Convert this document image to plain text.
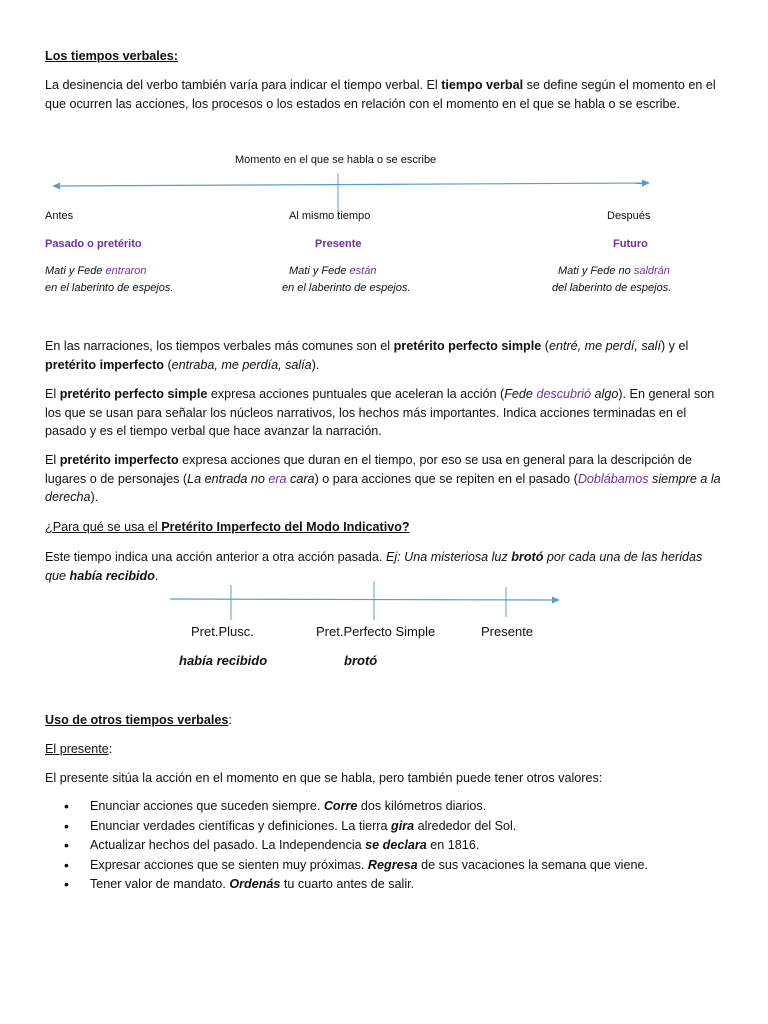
Los tiempos verbales:
La desinencia del verbo también varía para indicar el tiempo verbal. El tiempo verbal se define según el momento en el que ocurren las acciones, los procesos o los estados en relación con el momento en el que se habla o se escribe.
Momento en el que se habla o se escribe
Antes
Pasado o pretérito
Mati y Fede entraron
en el laberinto de espejos.
Al mismo tiempo
Presente
Mati y Fede están
en el laberinto de espejos.
Después
Futuro
Mati y Fede no saldrán
del laberinto de espejos.
En las narraciones, los tiempos verbales más comunes son el pretérito perfecto simple (entré, me perdí, salí) y el pretérito imperfecto (entraba, me perdía, salía).
El pretérito perfecto simple expresa acciones puntuales que aceleran la acción (Fede descubrió algo). En general son los que se usan para señalar los núcleos narrativos, los hechos más importantes. Indica acciones terminadas en el pasado y es el tiempo verbal que hace avanzar la narración.
El pretérito imperfecto expresa acciones que duran en el tiempo, por eso se usa en general para la descripción de lugares o de personajes (La entrada no era cara) o para acciones que se repiten en el pasado (Doblábamos siempre a la derecha).
¿Para qué se usa el Pretérito Imperfecto del Modo Indicativo?
Este tiempo indica una acción anterior a otra acción pasada. Ej: Una misteriosa luz brotó por cada una de las heridas que había recibido.
Pret.Plusc.	Pret.Perfecto Simple	Presente
había recibido	brotó
Uso de otros tiempos verbales:
El presente:
El presente sitúa la acción en el momento en que se habla, pero también puede tener otros valores:
• Enunciar acciones que suceden siempre. Corre dos kilómetros diarios.
• Enunciar verdades científicas y definiciones. La tierra gira alrededor del Sol.
• Actualizar hechos del pasado. La Independencia se declara en 1816.
• Expresar acciones que se sienten muy próximas. Regresa de sus vacaciones la semana que viene.
• Tener valor de mandato. Ordenás tu cuarto antes de salir.
